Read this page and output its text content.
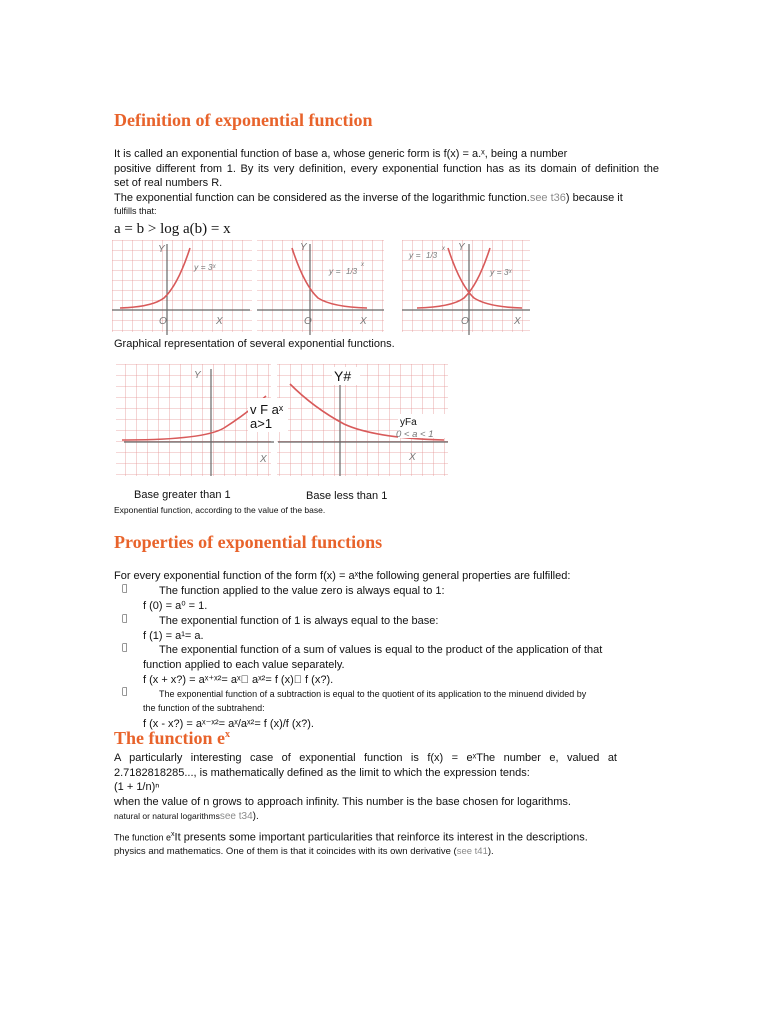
Definition of exponential function
It is called an exponential function of base a, whose generic form is f(x) = a.ˣ, being a number
positive different from 1. By its very definition, every exponential function has as its domain of definition the
set of real numbers R.
The exponential function can be considered as the inverse of the logarithmic function.see t36) because it
fulfills that:
a = b > log a(b) = x
Y
O	X
y = 3ˣ
Y
O	X
y = 1/3
x
Y
O	X
y = 1/3
x
y = 3ˣ
Graphical representation of several exponential functions.
Y
X
v F aˣ
a>1
Y#
X
yFa
0 < a < 1
Base greater than 1	Base less than 1
Exponential function, according to the value of the base.
Properties of exponential functions
For every exponential function of the form f(x) = aˣthe following general properties are fulfilled:
The function applied to the value zero is always equal to 1:
f (0) = a⁰ = 1.
The exponential function of 1 is always equal to the base:
f (1) = a¹= a.
The exponential function of a sum of values is equal to the product of the application of that
function applied to each value separately.
f (x + x?) = aˣ⁺ˣ²= aˣ aˣ²= f (x) f (x?).
The exponential function of a subtraction is equal to the quotient of its application to the minuend divided by
the function of the subtrahend:
f (x - x?) = aˣ⁻ˣ²= aˣ/aˣ²= f (x)/f (x?).
The function $e^x$
A particularly interesting case of exponential function is f(x) = eˣThe number e, valued at
2.7182818285..., is mathematically defined as the limit to which the expression tends:
(1 + 1/n)ⁿ
when the value of n grows to approach infinity. This number is the base chosen for logarithms.
natural or natural logarithmssee t34).
The function $e^xIt$ presents some important particularities that reinforce its interest in the descriptions.
physics and mathematics. One of them is that it coincides with its own derivative (see t41).
